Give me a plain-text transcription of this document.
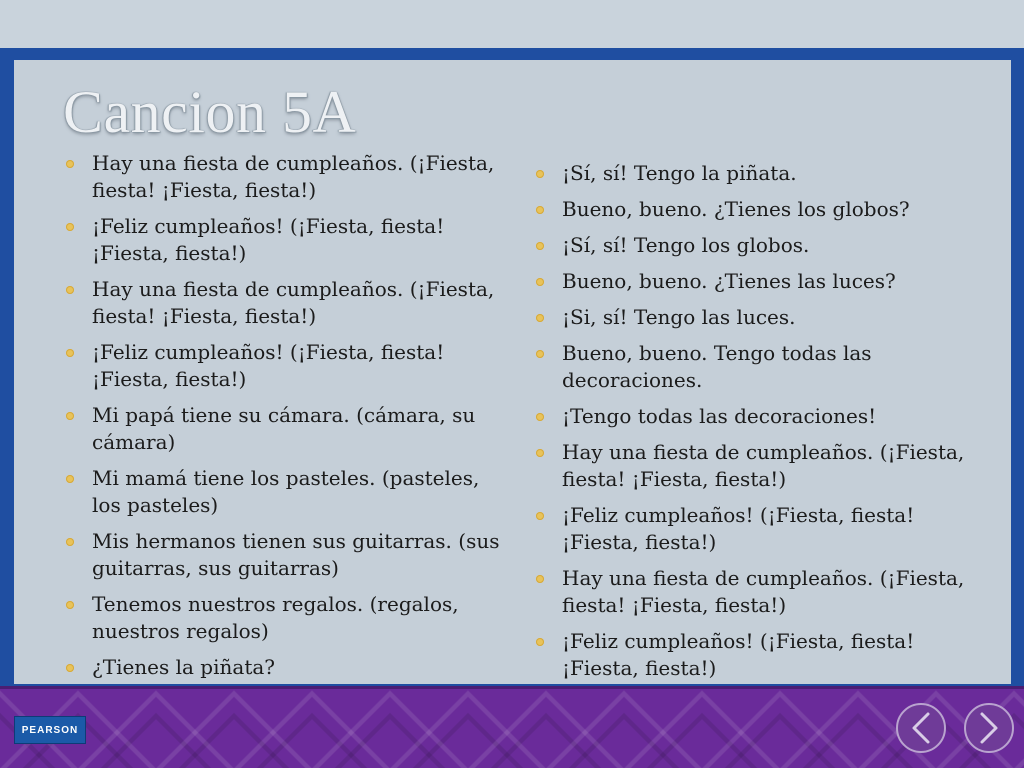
Cancion 5A
Hay una fiesta de cumpleaños. (¡Fiesta, fiesta! ¡Fiesta, fiesta!)
¡Feliz cumpleaños! (¡Fiesta, fiesta! ¡Fiesta, fiesta!)
Hay una fiesta de cumpleaños. (¡Fiesta, fiesta! ¡Fiesta, fiesta!)
¡Feliz cumpleaños! (¡Fiesta, fiesta! ¡Fiesta, fiesta!)
Mi papá tiene su cámara. (cámara, su cámara)
Mi mamá tiene los pasteles. (pasteles, los pasteles)
Mis hermanos tienen sus guitarras. (sus guitarras, sus guitarras)
Tenemos nuestros regalos. (regalos, nuestros regalos)
¿Tienes la piñata?
¡Sí, sí! Tengo la piñata.
Bueno, bueno. ¿Tienes los globos?
¡Sí, sí! Tengo los globos.
Bueno, bueno. ¿Tienes las luces?
¡Si, sí! Tengo las luces.
Bueno, bueno. Tengo todas las decoraciones.
¡Tengo todas las decoraciones!
Hay una fiesta de cumpleaños. (¡Fiesta, fiesta! ¡Fiesta, fiesta!)
¡Feliz cumpleaños! (¡Fiesta, fiesta! ¡Fiesta, fiesta!)
Hay una fiesta de cumpleaños. (¡Fiesta, fiesta! ¡Fiesta, fiesta!)
¡Feliz cumpleaños! (¡Fiesta, fiesta! ¡Fiesta, fiesta!)
PEARSON
